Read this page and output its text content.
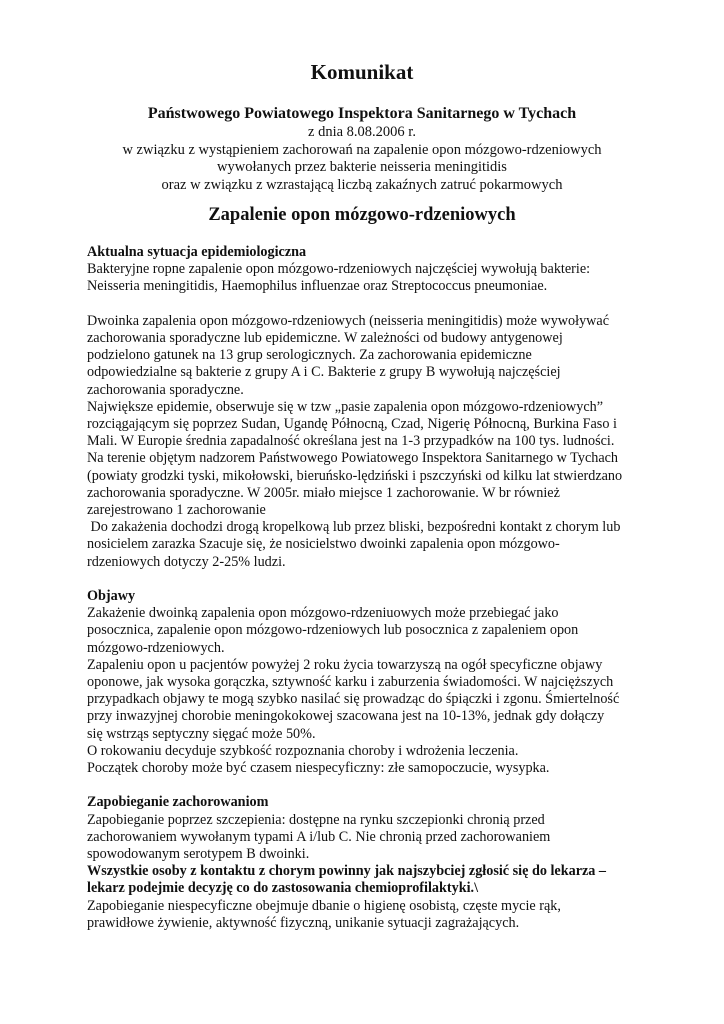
Komunikat
Państwowego Powiatowego Inspektora Sanitarnego w Tychach
z dnia 8.08.2006 r.
w związku z wystąpieniem zachorowań na zapalenie opon mózgowo-rdzeniowych
wywołanych przez bakterie neisseria meningitidis
oraz w związku z wzrastającą liczbą zakaźnych zatruć pokarmowych
Zapalenie opon mózgowo-rdzeniowych

Aktualna sytuacja epidemiologiczna

Bakteryjne ropne zapalenie opon mózgowo-rdzeniowych najczęściej wywołują bakterie:

Neisseria meningitidis, Haemophilus influenzae oraz Streptococcus pneumoniae.

Dwoinka zapalenia opon mózgowo-rdzeniowych (neisseria meningitidis) może wywoływać

zachorowania sporadyczne lub epidemiczne. W zależności od budowy antygenowej

podzielono gatunek na 13 grup serologicznych. Za zachorowania epidemiczne

odpowiedzialne są bakterie z grupy A i C. Bakterie z grupy B wywołują najczęściej

zachorowania sporadyczne.

Największe epidemie, obserwuje się w tzw „pasie zapalenia opon mózgowo-rdzeniowych”

rozciągającym się poprzez Sudan, Ugandę Północną, Czad, Nigerię Północną, Burkina Faso i

Mali. W Europie średnia zapadalność określana jest na 1-3 przypadków na 100 tys. ludności.

Na terenie objętym nadzorem Państwowego Powiatowego Inspektora Sanitarnego w Tychach

(powiaty grodzki tyski, mikołowski, bieruńsko-lędziński i pszczyński od kilku lat stwierdzano

zachorowania sporadyczne. W 2005r. miało miejsce 1 zachorowanie. W br również

zarejestrowano 1 zachorowanie

Do zakażenia dochodzi drogą kropelkową lub przez bliski, bezpośredni kontakt z chorym lub

nosicielem zarazka Szacuje się, że nosicielstwo dwoinki zapalenia opon mózgowo-

rdzeniowych dotyczy 2-25% ludzi.

Objawy

Zakażenie dwoinką zapalenia opon mózgowo-rdzeniuowych może przebiegać jako

posocznica, zapalenie opon mózgowo-rdzeniowych lub posocznica z zapaleniem opon

mózgowo-rdzeniowych.

Zapaleniu opon u pacjentów powyżej 2 roku życia towarzyszą na ogół specyficzne objawy

oponowe, jak wysoka gorączka, sztywność karku i zaburzenia świadomości. W najcięższych

przypadkach objawy te mogą szybko nasilać się prowadząc do śpiączki i zgonu. Śmiertelność

przy inwazyjnej chorobie meningokokowej szacowana jest na 10-13%, jednak gdy dołączy

się wstrząs septyczny sięgać może 50%.

O rokowaniu decyduje szybkość rozpoznania choroby i wdrożenia leczenia.

Początek choroby może być czasem niespecyficzny: złe samopoczucie, wysypka.

Zapobieganie zachorowaniom

Zapobieganie poprzez szczepienia: dostępne na rynku szczepionki chronią przed

zachorowaniem wywołanym typami A i/lub C. Nie chronią przed zachorowaniem

spowodowanym serotypem B dwoinki.

Wszystkie osoby z kontaktu z chorym powinny jak najszybciej zgłosić się do lekarza –

lekarz podejmie decyzję co do zastosowania chemioprofilaktyki.\

Zapobieganie niespecyficzne obejmuje dbanie o higienę osobistą, częste mycie rąk,

prawidłowe żywienie, aktywność fizyczną, unikanie sytuacji zagrażających.
